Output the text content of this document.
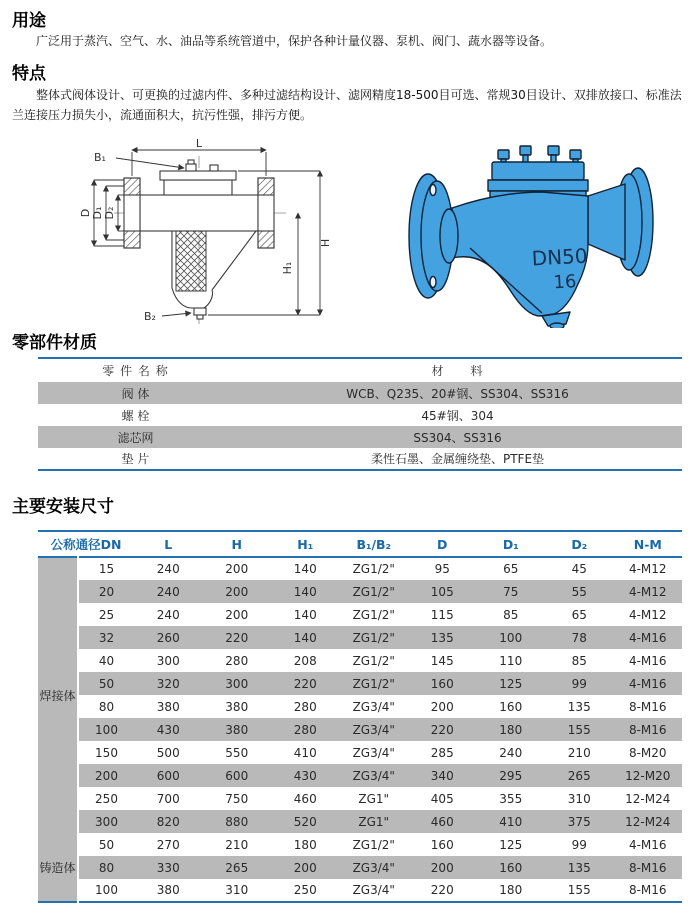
用途

广泛用于蒸汽、空气、水、油品等系统管道中，保护各种计量仪器、泵机、阀门、蔬水器等设备。

特点

整体式阀体设计、可更换的过滤内件、多种过滤结构设计、滤网精度18-500目可选、常规30目设计、双排放接口、标准法兰连接压力损失小，流通面积大，抗污性强，排污方便。

L
B₁
B₂
D D₁ D₂
H
H₁	DN50
16
零部件材质
零 件 名 称	材　　料
阀 体	WCB、Q235、20#钢、SS304、SS316
螺 栓	45#钢、304
滤芯网	SS304、SS316
垫 片	柔性石墨、金属缠绕垫、PTFE垫
主要安装尺寸
公称通径DN		L	H	H₁	B₁/B₂	D	D₁	D₂	N-M
焊接体	15	240	200	140	ZG1/2"	95	65	45	4-M12
	20	240	200	140	ZG1/2"	105	75	55	4-M12
	25	240	200	140	ZG1/2"	115	85	65	4-M12
	32	260	220	140	ZG1/2"	135	100	78	4-M16
	40	300	280	208	ZG1/2"	145	110	85	4-M16
	50	320	300	220	ZG1/2"	160	125	99	4-M16
	80	380	380	280	ZG3/4"	200	160	135	8-M16
	100	430	380	280	ZG3/4"	220	180	155	8-M16
	150	500	550	410	ZG3/4"	285	240	210	8-M20
	200	600	600	430	ZG3/4"	340	295	265	12-M20
	250	700	750	460	ZG1"	405	355	310	12-M24
	300	820	880	520	ZG1"	460	410	375	12-M24
铸造体	50	270	210	180	ZG1/2"	160	125	99	4-M16
	80	330	265	200	ZG3/4"	200	160	135	8-M16
	100	380	310	250	ZG3/4"	220	180	155	8-M16
